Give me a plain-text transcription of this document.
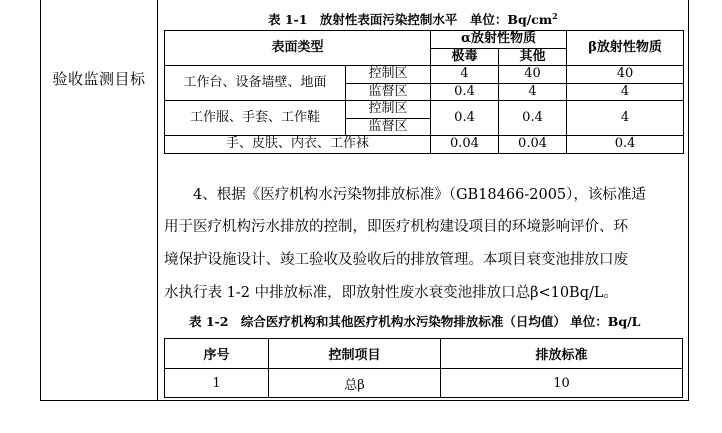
验收监测目标
表 1-1　放射性表面污染控制水平　单位：$Bq/cm^2$
表面类型		α放射性物质		β放射性物质
		极毒	其他	
工作台、设备墙壁、地面	控制区	4	40	40
	监督区	0.4	4	4
工作服、手套、工作鞋	控制区	0.4	0.4	4
	监督区			
手、皮肤、内衣、工作袜		0.04	0.04	0.4
　　4、根据《医疗机构水污染物排放标准》（GB18466-2005），该标准适
用于医疗机构污水排放的控制，即医疗机构建设项目的环境影响评价、环
境保护设施设计、竣工验收及验收后的排放管理。本项目衰变池排放口废
水执行表 1-2 中排放标准，即放射性废水衰变池排放口总β<10Bq/L。
表 1-2　综合医疗机构和其他医疗机构水污染物排放标准（日均值） 单位：Bq/L
序号	控制项目	排放标准
1	总β	10
